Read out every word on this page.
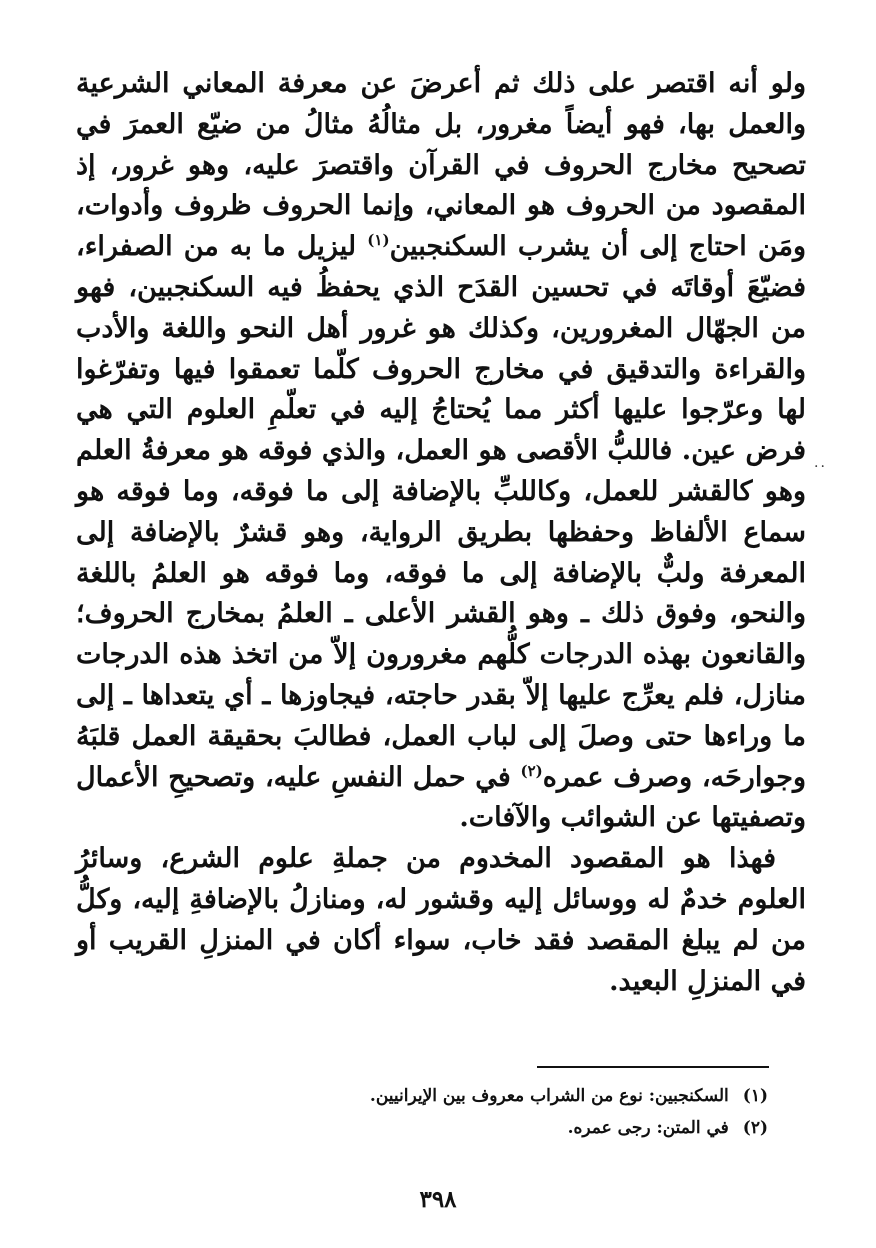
ولو أنه اقتصر على ذلك ثم أعرضَ عن معرفة المعاني الشرعية والعمل بها، فهو أيضاً مغرور، بل مثالُهُ مثالُ من ضيّع العمرَ في تصحيح مخارج الحروف في القرآن واقتصرَ عليه، وهو غرور، إذ المقصود من الحروف هو المعاني، وإنما الحروف ظروف وأدوات، ومَن احتاج إلى أن يشرب السكنجبين$^{(١)}$ ليزيل ما به من الصفراء، فضيّعَ أوقاتَه في تحسين القدَح الذي يحفظُ فيه السكنجبين، فهو من الجهّال المغرورين، وكذلك هو غرور أهل النحو واللغة والأدب والقراءة والتدقيق في مخارج الحروف كلّما تعمقوا فيها وتفرّغوا لها وعرّجوا عليها أكثر مما يُحتاجُ إليه في تعلّمِ العلوم التي هي فرض عين. فاللبُّ الأقصى هو العمل، والذي فوقه هو معرفةُ العلم وهو كالقشر للعمل، وكاللبِّ بالإضافة إلى ما فوقه، وما فوقه هو سماع الألفاظ وحفظها بطريق الرواية، وهو قشرٌ بالإضافة إلى المعرفة ولبٌّ بالإضافة إلى ما فوقه، وما فوقه هو العلمُ باللغة والنحو، وفوق ذلك ـ وهو القشر الأعلى ـ العلمُ بمخارج الحروف؛ والقانعون بهذه الدرجات كلُّهم مغرورون إلاّ من اتخذ هذه الدرجات منازل، فلم يعرِّج عليها إلاّ بقدر حاجته، فيجاوزها ـ أي يتعداها ـ إلى ما وراءها حتى وصلَ إلى لباب العمل، فطالبَ بحقيقة العمل قلبَهُ وجوارحَه، وصرف عمره$^{(٢)}$ في حمل النفسِ عليه، وتصحيحِ الأعمال وتصفيتها عن الشوائب والآفات.

فهذا هو المقصود المخدوم من جملةِ علوم الشرع، وسائرُ العلوم خدمٌ له ووسائل إليه وقشور له، ومنازلُ بالإضافةِ إليه، وكلُّ من لم يبلغ المقصد فقد خاب، سواء أكان في المنزلِ القريب أو في المنزلِ البعيد.

..
(١)السكنجبين: نوع من الشراب معروف بين الإيرانيين.
(٢)في المتن: رجى عمره.
٣٩٨
